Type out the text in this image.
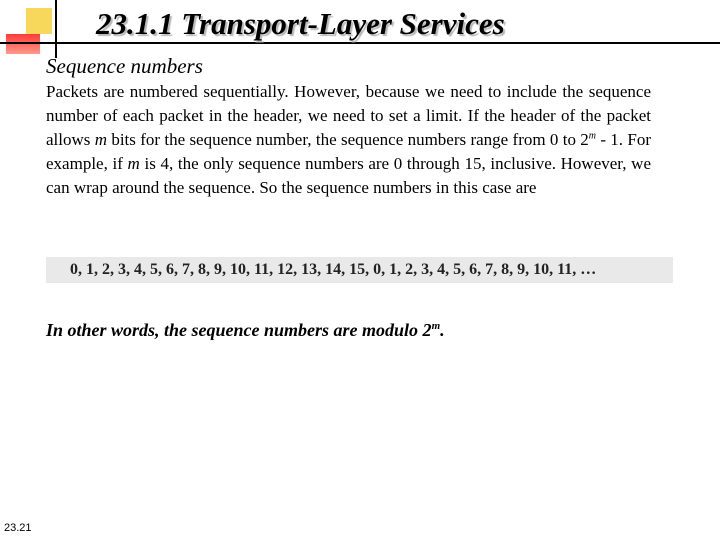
23.1.1 Transport-Layer Services
Sequence numbers
Packets are numbered sequentially. However, because we need to include the sequence number of each packet in the header, we need to set a limit. If the header of the packet allows m bits for the sequence number, the sequence numbers range from 0 to 2$^m$ - 1. For example, if m is 4, the only sequence numbers are 0 through 15, inclusive. However, we can wrap around the sequence. So the sequence numbers in this case are
0, 1, 2, 3, 4, 5, 6, 7, 8, 9, 10, 11, 12, 13, 14, 15, 0, 1, 2, 3, 4, 5, 6, 7, 8, 9, 10, 11, …
In other words, the sequence numbers are modulo 2$^m$.
23.21
